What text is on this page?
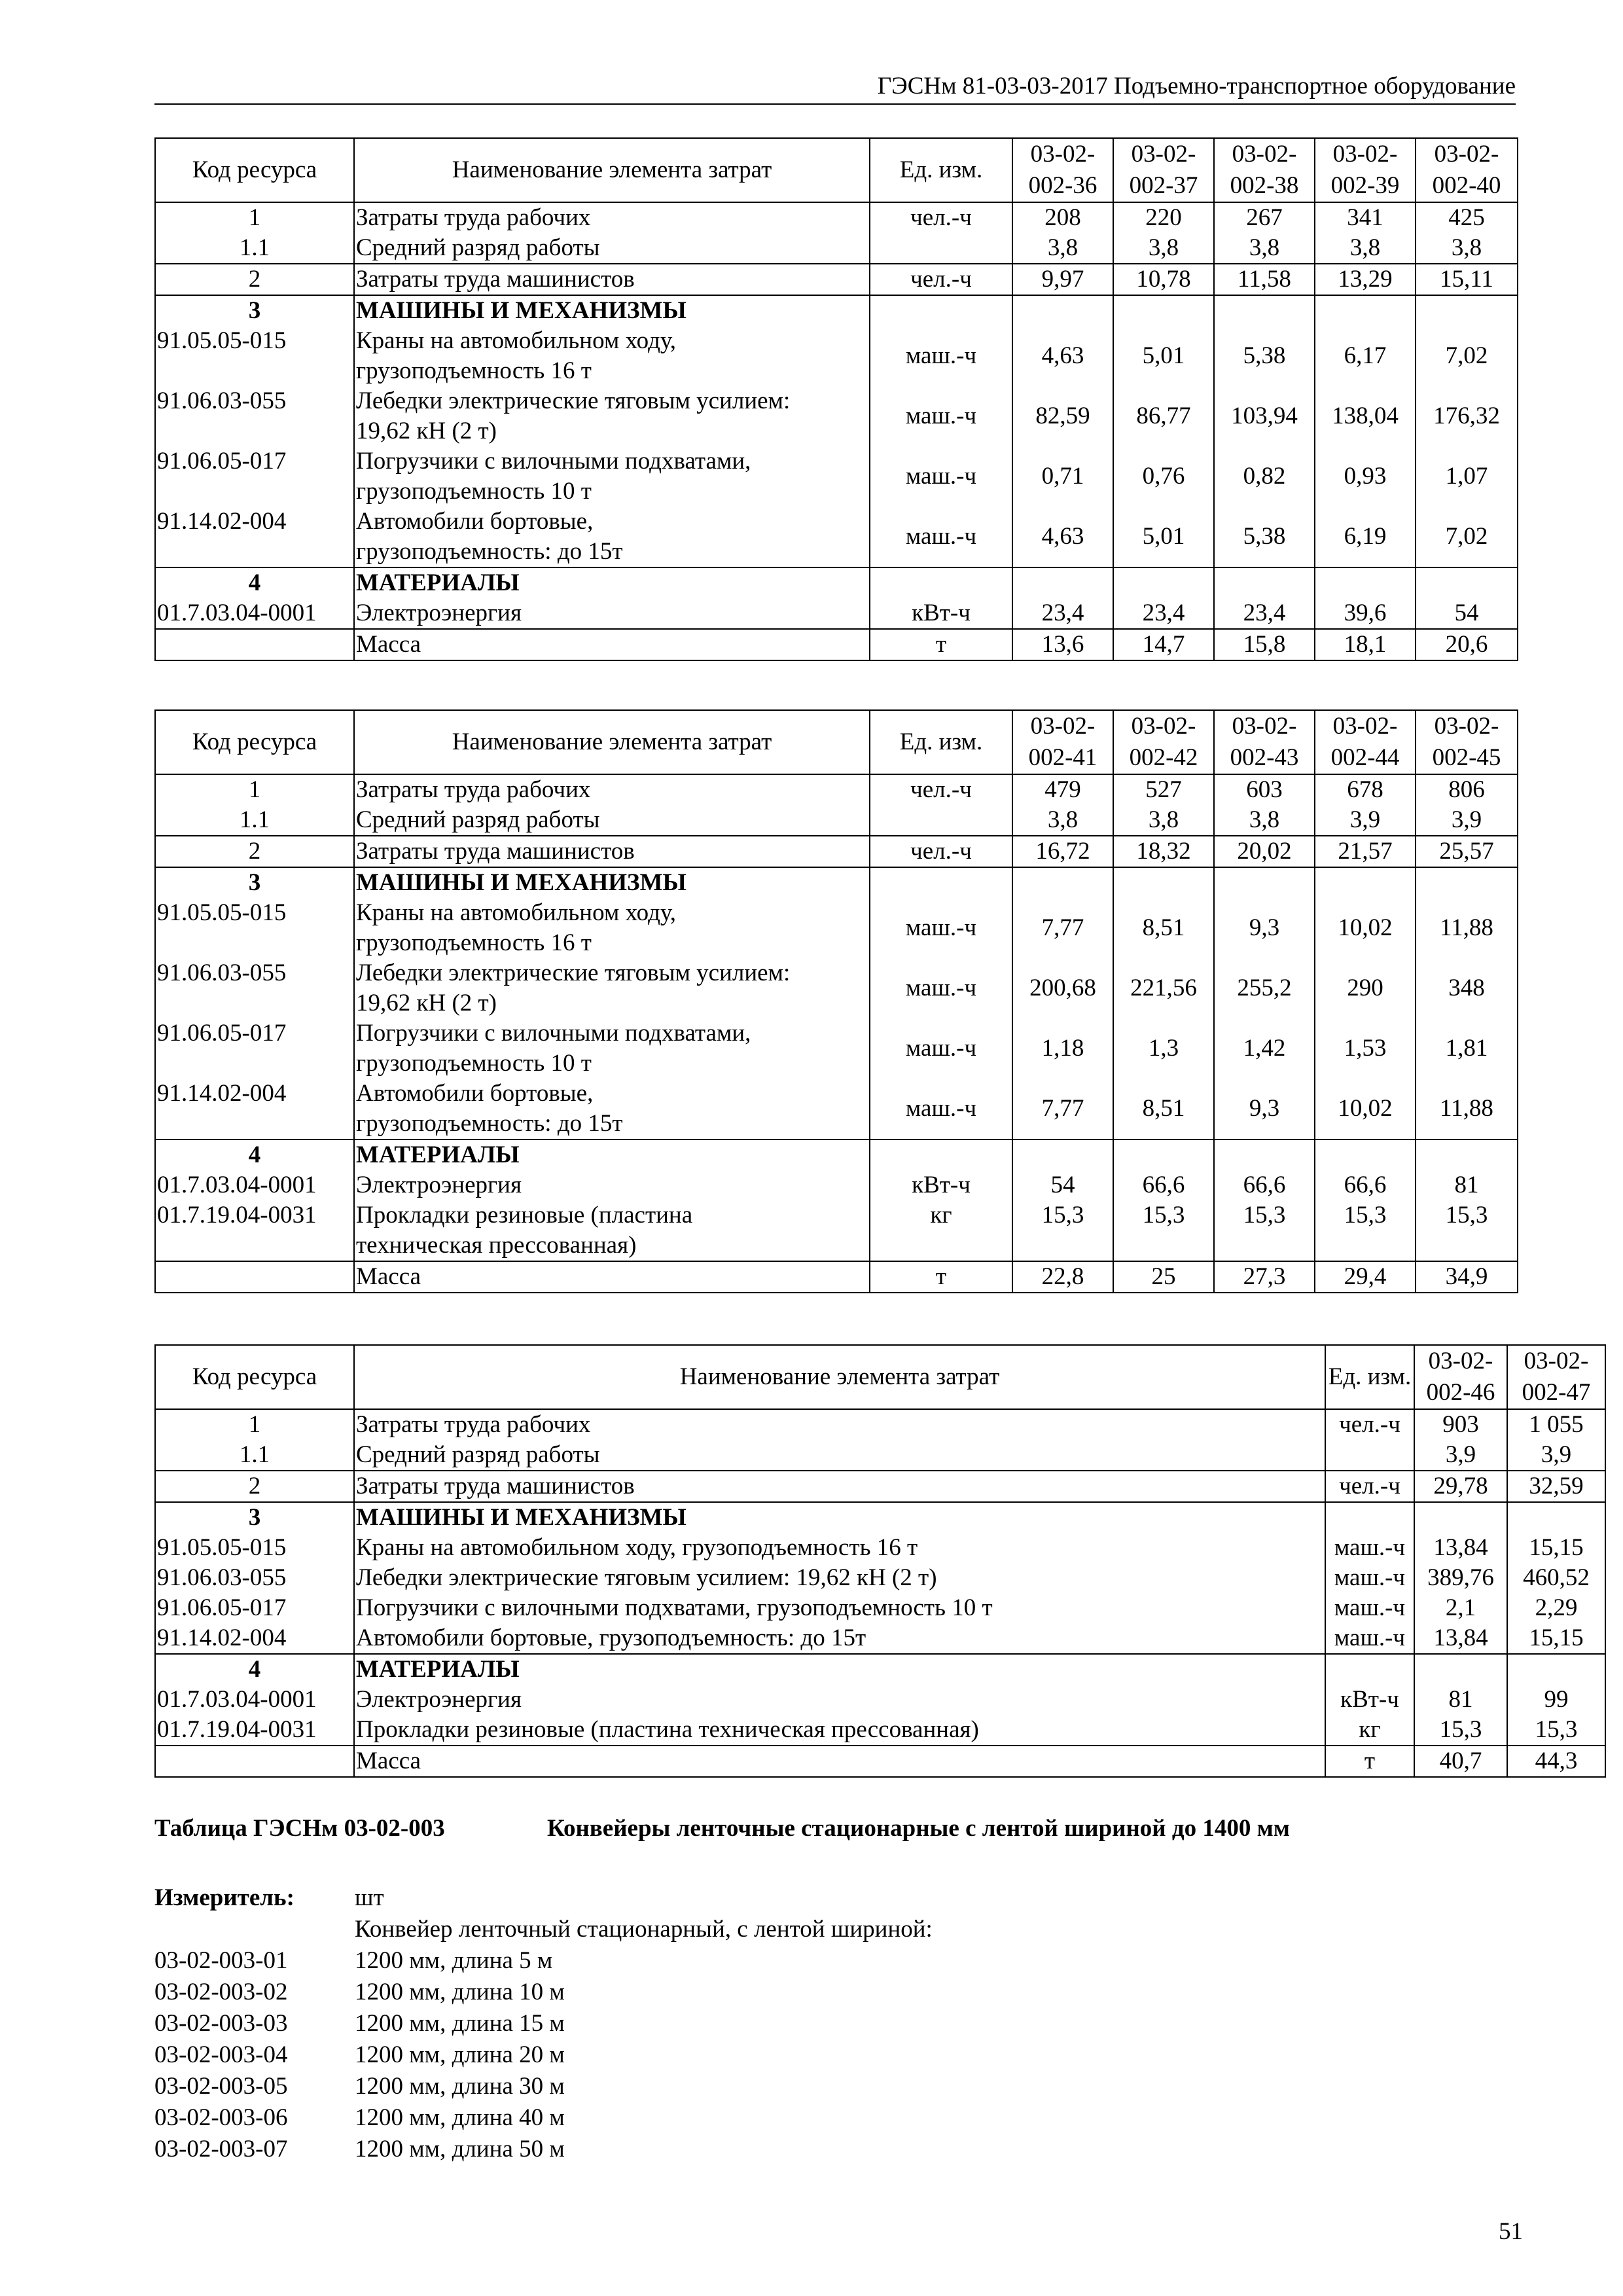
ГЭСНм 81-03-03-2017 Подъемно-транспортное оборудование
Код ресурса	Наименование элемента затрат	Ед. изм.	03-02-
002-36	03-02-
002-37	03-02-
002-38	03-02-
002-39	03-02-
002-40
1	Затраты труда рабочих	чел.-ч	208	220	267	341	425
1.1	Средний разряд работы		3,8	3,8	3,8	3,8	3,8
2	Затраты труда машинистов	чел.-ч	9,97	10,78	11,58	13,29	15,11
3	МАШИНЫ И МЕХАНИЗМЫ						
91.05.05-015	Краны на автомобильном ходу,
грузоподъемность 16 т	маш.-ч	4,63	5,01	5,38	6,17	7,02
91.06.03-055	Лебедки электрические тяговым усилием:
19,62 кН (2 т)	маш.-ч	82,59	86,77	103,94	138,04	176,32
91.06.05-017	Погрузчики с вилочными подхватами,
грузоподъемность 10 т	маш.-ч	0,71	0,76	0,82	0,93	1,07
91.14.02-004	Автомобили бортовые,
грузоподъемность: до 15т	маш.-ч	4,63	5,01	5,38	6,19	7,02
4	МАТЕРИАЛЫ						
01.7.03.04-0001	Электроэнергия	кВт-ч	23,4	23,4	23,4	39,6	54
	Масса	т	13,6	14,7	15,8	18,1	20,6
Код ресурса	Наименование элемента затрат	Ед. изм.	03-02-
002-41	03-02-
002-42	03-02-
002-43	03-02-
002-44	03-02-
002-45
1	Затраты труда рабочих	чел.-ч	479	527	603	678	806
1.1	Средний разряд работы		3,8	3,8	3,8	3,9	3,9
2	Затраты труда машинистов	чел.-ч	16,72	18,32	20,02	21,57	25,57
3	МАШИНЫ И МЕХАНИЗМЫ						
91.05.05-015	Краны на автомобильном ходу,
грузоподъемность 16 т	маш.-ч	7,77	8,51	9,3	10,02	11,88
91.06.03-055	Лебедки электрические тяговым усилием:
19,62 кН (2 т)	маш.-ч	200,68	221,56	255,2	290	348
91.06.05-017	Погрузчики с вилочными подхватами,
грузоподъемность 10 т	маш.-ч	1,18	1,3	1,42	1,53	1,81
91.14.02-004	Автомобили бортовые,
грузоподъемность: до 15т	маш.-ч	7,77	8,51	9,3	10,02	11,88
4	МАТЕРИАЛЫ						
01.7.03.04-0001	Электроэнергия	кВт-ч	54	66,6	66,6	66,6	81
01.7.19.04-0031	Прокладки резиновые (пластина
техническая прессованная)	кг	15,3	15,3	15,3	15,3	15,3
	Масса	т	22,8	25	27,3	29,4	34,9
Код ресурса	Наименование элемента затрат	Ед. изм.	03-02-
002-46	03-02-
002-47
1	Затраты труда рабочих	чел.-ч	903	1 055
1.1	Средний разряд работы		3,9	3,9
2	Затраты труда машинистов	чел.-ч	29,78	32,59
3	МАШИНЫ И МЕХАНИЗМЫ			
91.05.05-015	Краны на автомобильном ходу, грузоподъемность 16 т	маш.-ч	13,84	15,15
91.06.03-055	Лебедки электрические тяговым усилием: 19,62 кН (2 т)	маш.-ч	389,76	460,52
91.06.05-017	Погрузчики с вилочными подхватами, грузоподъемность 10 т	маш.-ч	2,1	2,29
91.14.02-004	Автомобили бортовые, грузоподъемность: до 15т	маш.-ч	13,84	15,15
4	МАТЕРИАЛЫ			
01.7.03.04-0001	Электроэнергия	кВт-ч	81	99
01.7.19.04-0031	Прокладки резиновые (пластина техническая прессованная)	кг	15,3	15,3
	Масса	т	40,7	44,3
Таблица ГЭСНм 03-02-003	Конвейеры ленточные стационарные с лентой шириной до 1400 мм
Измеритель:	шт
Конвейер ленточный стационарный, с лентой шириной:
03-02-003-01	1200 мм, длина 5 м
03-02-003-02	1200 мм, длина 10 м
03-02-003-03	1200 мм, длина 15 м
03-02-003-04	1200 мм, длина 20 м
03-02-003-05	1200 мм, длина 30 м
03-02-003-06	1200 мм, длина 40 м
03-02-003-07	1200 мм, длина 50 м
51
